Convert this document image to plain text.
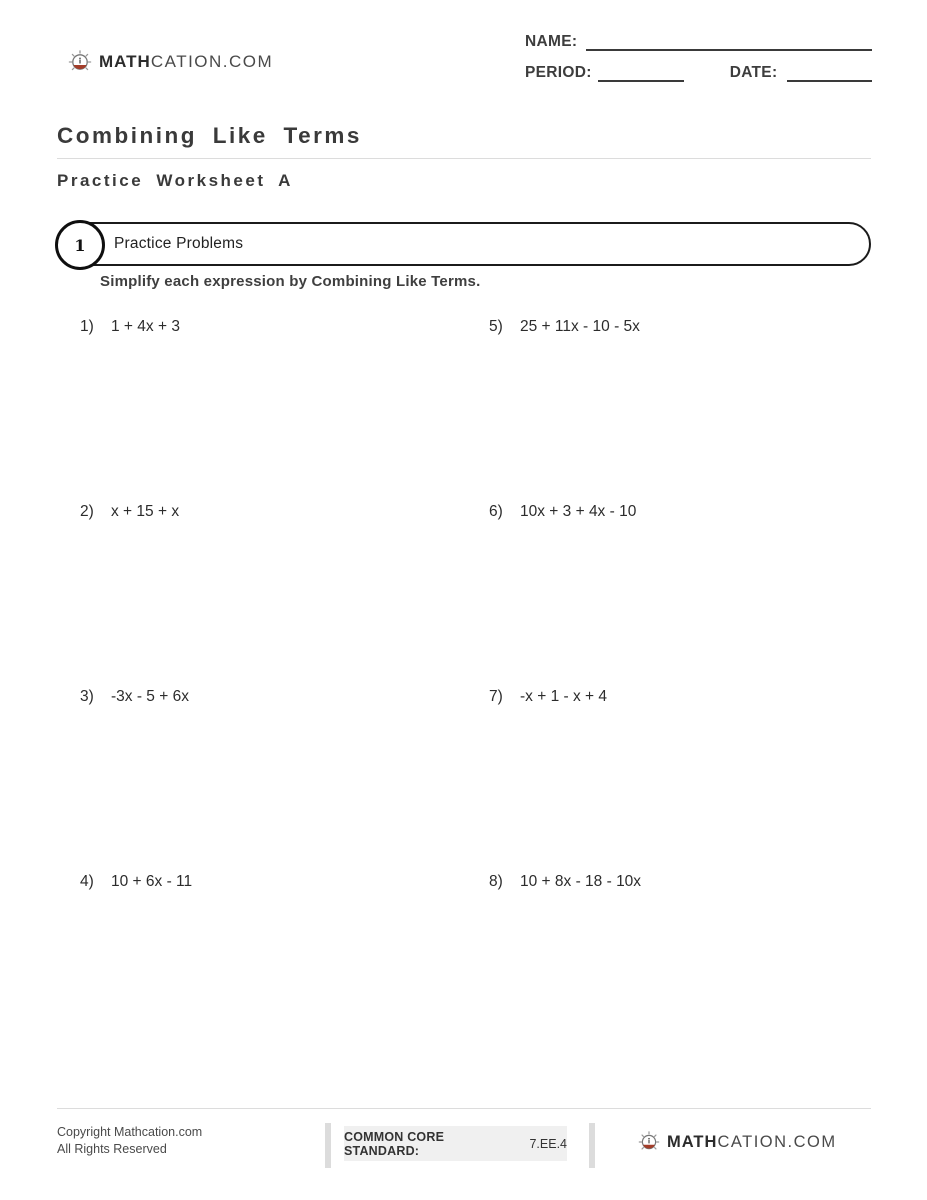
MATHCATION.COM
NAME:
PERIOD:	DATE:
Combining Like Terms
Practice Worksheet A
1 Practice Problems
Simplify each expression by Combining Like Terms.
1) 1 + 4x + 3
2) x + 15 + x
3) -3x - 5 + 6x
4) 10 + 6x - 11
5) 25 + 11x - 10 - 5x
6) 10x + 3 + 4x - 10
7) -x + 1 - x + 4
8) 10 + 8x - 18 - 10x
Copyright Mathcation.com
All Rights Reserved
COMMON CORE STANDARD:	7.EE.4	MATHCATION.COM
